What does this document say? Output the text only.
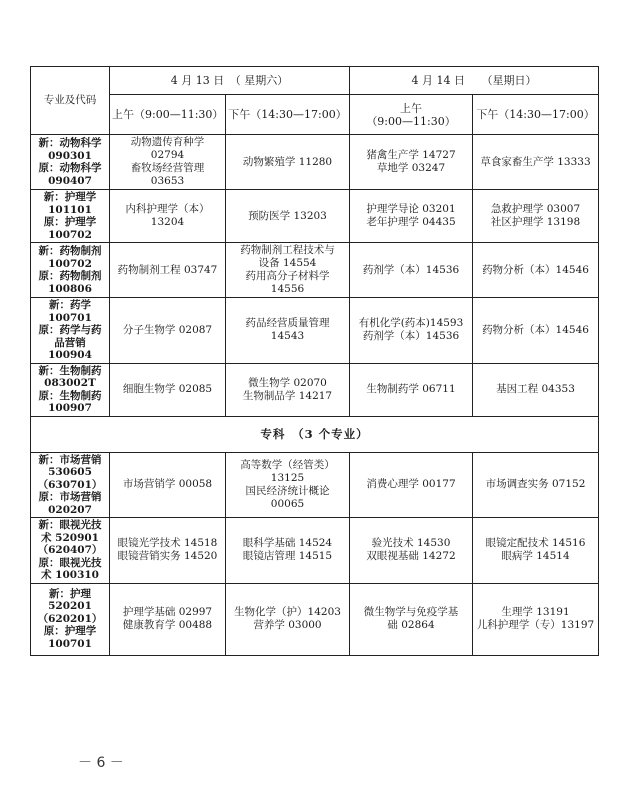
专业及代码	4 月 13 日　（ 星期六）		4 月 14 日　　（星期日）	
	上午（9:00—11:30）	下午（14:30—17:00）	上午
（9:00—11:30）	下午（14:30—17:00）

新：动物科学
090301
原：动物科学
090407	动物遗传育种学
02794
畜牧场经营管理
03653	动物繁殖学 11280	猪禽生产学 14727
草地学 03247	草食家畜生产学 13333

新：护理学
101101
原：护理学
100702	内科护理学（本）
13204	预防医学 13203	护理学导论 03201
老年护理学 04435	急救护理学 03007
社区护理学 13198

新：药物制剂
100702
原：药物制剂
100806	药物制剂工程 03747	药物制剂工程技术与
设备 14554
药用高分子材料学
14556	药剂学（本）14536	药物分析（本）14546

新：药学
100701
原：药学与药
品营销
100904	分子生物学 02087	药品经营质量管理
14543	有机化学(药本)14593
药剂学（本）14536	药物分析（本）14546

新：生物制药
083002T
原：生物制药
100907	细胞生物学 02085	微生物学 02070
生物制品学 14217	生物制药学 06711	基因工程 04353

专科　（3 个专业）				

新：市场营销
530605
（630701）
原：市场营销
020207	市场营销学 00058	高等数学（经管类）
13125
国民经济统计概论
00065	消费心理学 00177	市场调查实务 07152

新：眼视光技
术 520901
（620407）
原：眼视光技
术 100310	眼镜光学技术 14518
眼镜营销实务 14520	眼科学基础 14524
眼镜店管理 14515	验光技术 14530
双眼视基础 14272	眼镜定配技术 14516
眼病学 14514

新：护理
520201
（620201）
原：护理学
100701	护理学基础 02997
健康教育学 00488	生物化学（护）14203
营养学 03000	微生物学与免疫学基
础 02864	生理学 13191
儿科护理学（专）13197
－ 6 －
